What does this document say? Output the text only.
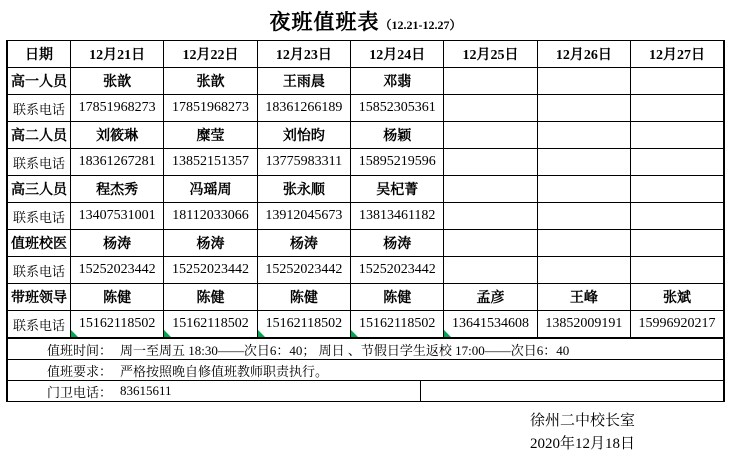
夜班值班表（12.21-12.27）
日期	12月21日	12月22日	12月23日	12月24日	12月25日	12月26日	12月27日
高一人员	张歆	张歆	王雨晨	邓翡			
联系电话	17851968273	17851968273	18361266189	15852305361			
高二人员	刘筱琳	糜莹	刘怡昀	杨颖			
联系电话	18361267281	13852151357	13775983311	15895219596			
高三人员	程杰秀	冯瑶周	张永顺	吴杞菁			
联系电话	13407531001	18112033066	13912045673	13813461182			
值班校医	杨涛	杨涛	杨涛	杨涛			
联系电话	15252023442	15252023442	15252023442	15252023442			
带班领导	陈健	陈健	陈健	陈健	孟彦	王峰	张斌
联系电话	15162118502	15162118502	15162118502	15162118502	13641534608	13852009191	15996920217
值班时间：	周一至周五 18:30——次日6：40； 周日 、节假日学生返校 17:00——次日6：40	
值班要求：	严格按照晚自修值班教师职责执行。	
门卫电话：	83615611	
徐州二中校长室
2020年12月18日
